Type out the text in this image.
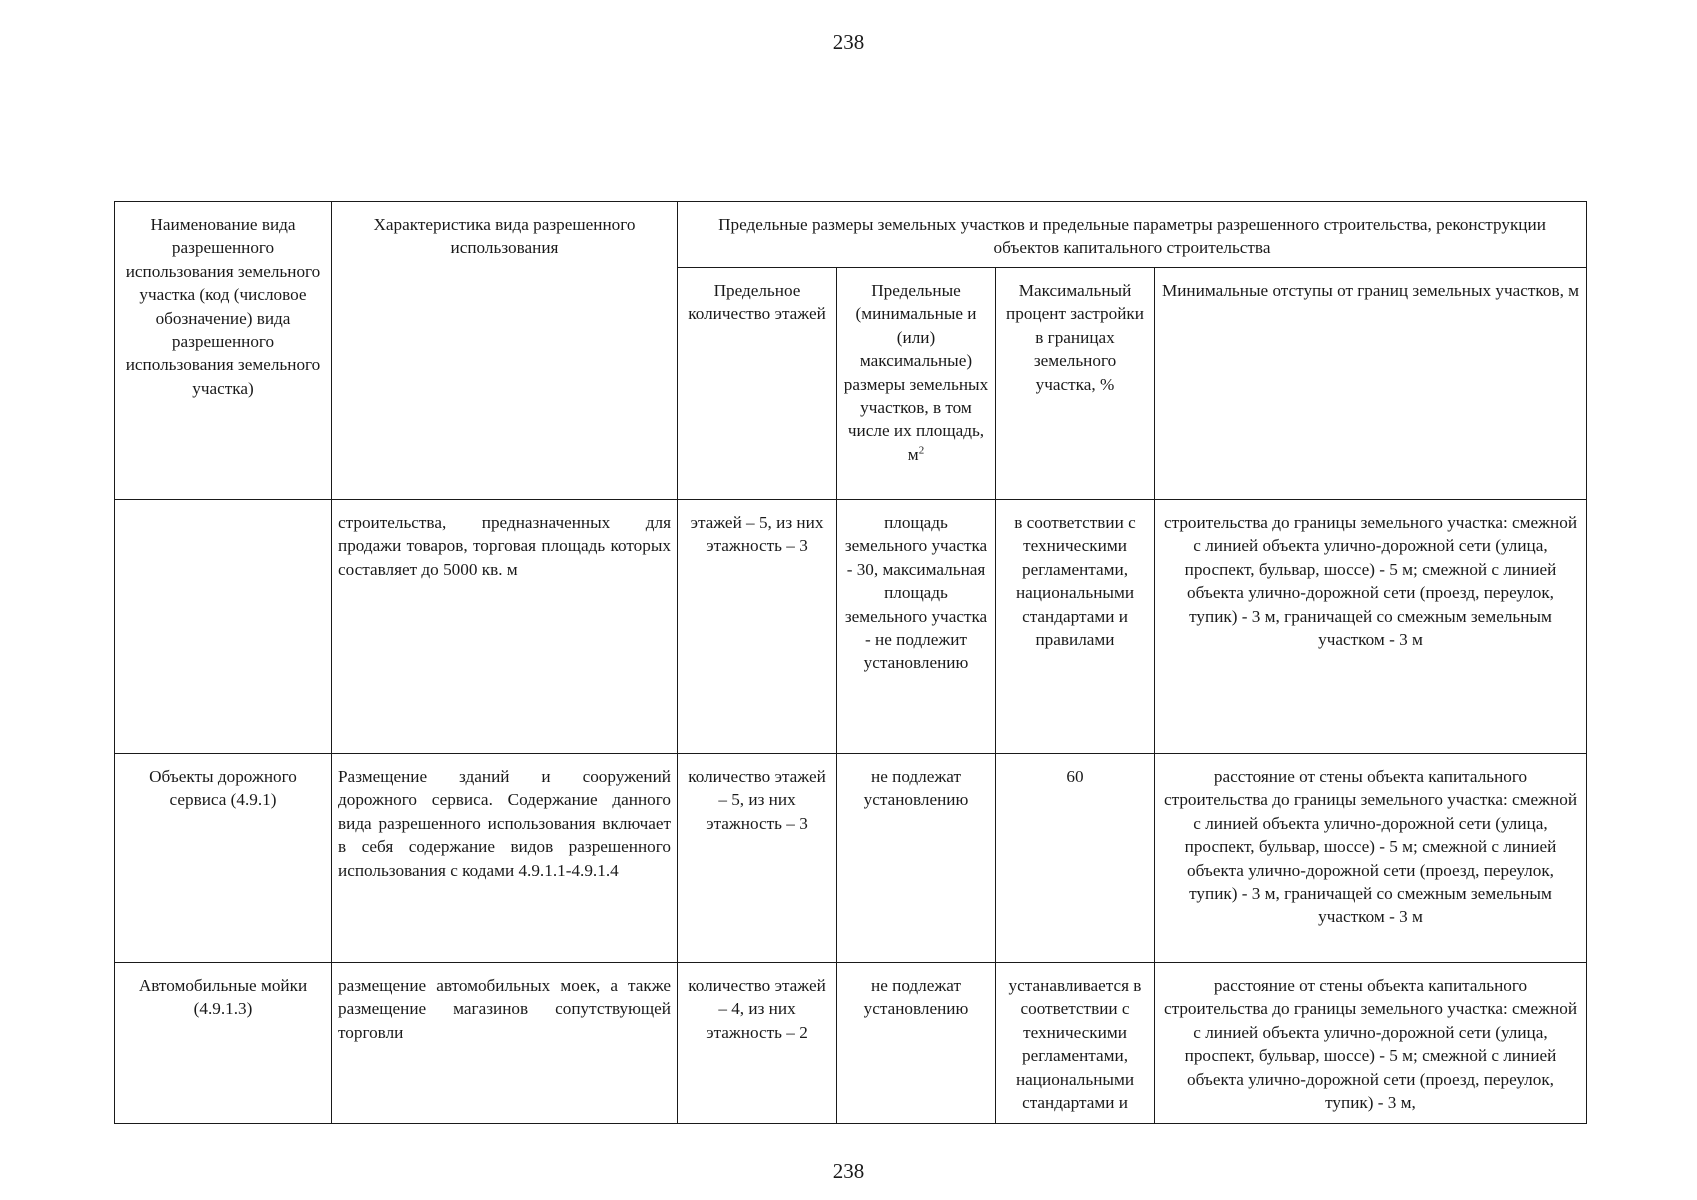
238
Наименование вида разрешенного использования земельного участка (код (числовое обозначение) вида разрешенного использования земельного участка)	Характеристика вида разрешенного использования	Предельные размеры земельных участков и предельные параметры разрешенного строительства, реконструкции объектов капитального строительства			
		Предельное количество этажей	Предельные (минимальные и (или) максимальные) размеры земельных участков, в том числе их площадь, $м^2$	Максимальный процент застройки в границах земельного участка, %	Минимальные отступы от границ земельных участков, м
	строительства, предназначенных для продажи товаров, торговая площадь которых составляет до 5000 кв. м	этажей – 5, из них этажность – 3	площадь земельного участка - 30, максимальная площадь земельного участка - не подлежит установлению	в соответствии с техническими регламентами, национальными стандартами и правилами	строительства до границы земельного участка: смежной с линией объекта улично-дорожной сети (улица, проспект, бульвар, шоссе) - 5 м; смежной с линией объекта улично-дорожной сети (проезд, переулок, тупик) - 3 м, граничащей со смежным земельным участком - 3 м
Объекты дорожного сервиса (4.9.1)	Размещение зданий и сооружений дорожного сервиса. Содержание данного вида разрешенного использования включает в себя содержание видов разрешенного использования с кодами 4.9.1.1-4.9.1.4	количество этажей – 5, из них этажность – 3	не подлежат установлению	60	расстояние от стены объекта капитального строительства до границы земельного участка: смежной с линией объекта улично-дорожной сети (улица, проспект, бульвар, шоссе) - 5 м; смежной с линией объекта улично-дорожной сети (проезд, переулок, тупик) - 3 м, граничащей со смежным земельным участком - 3 м
Автомобильные мойки (4.9.1.3)	размещение автомобильных моек, а также размещение магазинов сопутствующей торговли	количество этажей – 4, из них этажность – 2	не подлежат установлению	устанавливается в соответствии с техническими регламентами, национальными стандартами и	расстояние от стены объекта капитального строительства до границы земельного участка: смежной с линией объекта улично-дорожной сети (улица, проспект, бульвар, шоссе) - 5 м; смежной с линией объекта улично-дорожной сети (проезд, переулок, тупик) - 3 м,
238
